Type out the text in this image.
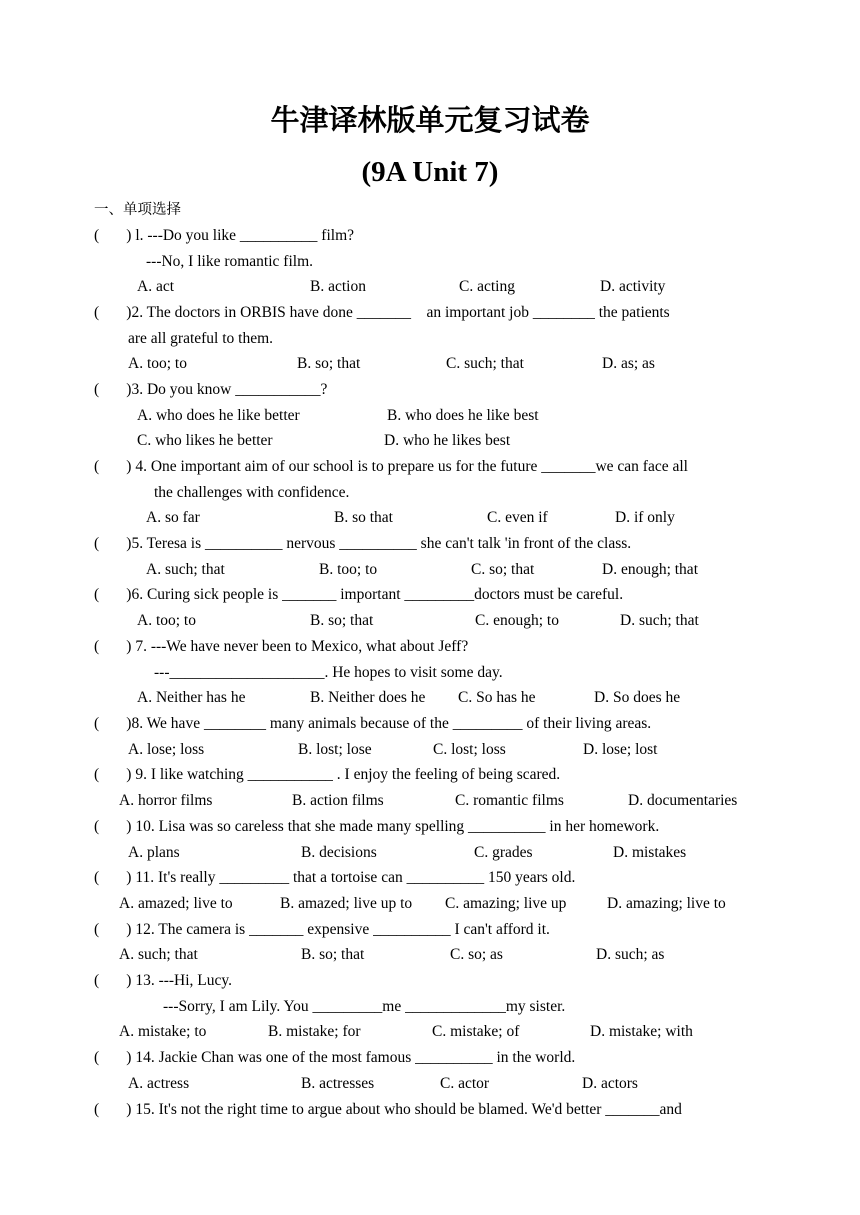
牛津译林版单元复习试卷
(9A Unit 7)
一、单项选择
(       ) l. ---Do you like __________ film?
---No, I like romantic film.
A. act	B. action	C. acting	D. activity
(       )2. The doctors in ORBIS have done _______    an important job ________ the patients
are all grateful to them.
A. too; to	B. so; that	C. such; that	D. as; as
(       )3. Do you know ___________?
A. who does he like better	B. who does he like best
C. who likes he better	D. who he likes best
(       ) 4. One important aim of our school is to prepare us for the future _______we can face all
the challenges with confidence.
A. so far	B. so that	C. even if	D. if only
(       )5. Teresa is __________ nervous __________ she can't talk 'in front of the class.
A. such; that	B. too; to	C. so; that	D. enough; that
(       )6. Curing sick people is _______ important _________doctors must be careful.
A. too; to	B. so; that	C. enough; to	D. such; that
(       ) 7. ---We have never been to Mexico, what about Jeff?
---____________________. He hopes to visit some day.
A. Neither has he	B. Neither does he C. So has he	D. So does he
(       )8. We have ________ many animals because of the _________ of their living areas.
A. lose; loss	B. lost; lose	C. lost; loss	D. lose; lost
(       ) 9. I like watching ___________ . I enjoy the feeling of being scared.
A. horror films	B. action films	C. romantic films	D. documentaries
(       ) 10. Lisa was so careless that she made many spelling __________ in her homework.
A. plans	B. decisions	C. grades	D. mistakes
(       ) 11. It's really _________ that a tortoise can __________ 150 years old.
A. amazed; live to	B. amazed; live up to C. amazing; live up	D. amazing; live to
(       ) 12. The camera is _______ expensive __________ I can't afford it.
A. such; that	B. so; that	C. so; as	D. such; as
(       ) 13. ---Hi, Lucy.
---Sorry, I am Lily. You _________me _____________my sister.
A. mistake; to	B. mistake; for	C. mistake; of	D. mistake; with
(       ) 14. Jackie Chan was one of the most famous __________ in the world.
A. actress	B. actresses	C. actor	D. actors
(       ) 15. It's not the right time to argue about who should be blamed. We'd better _______and
